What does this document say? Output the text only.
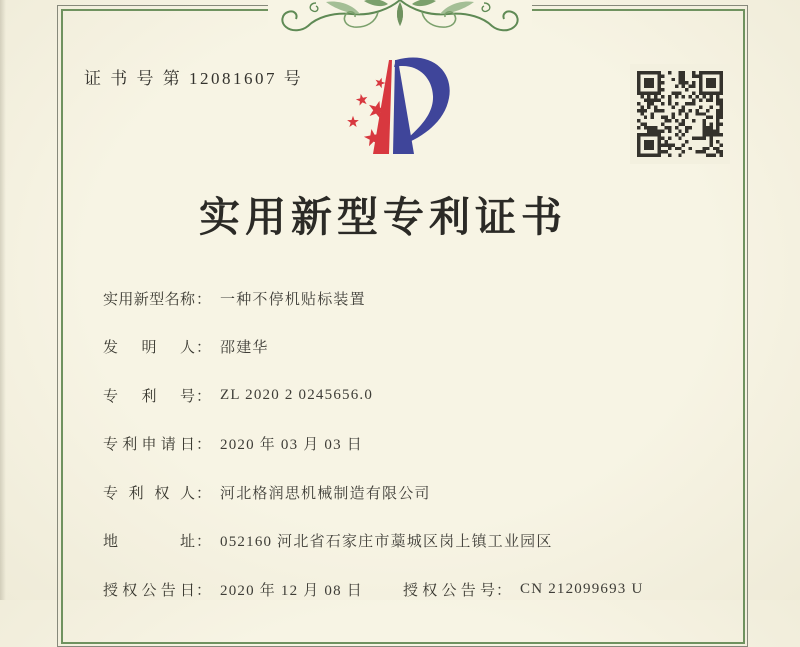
证 书 号 第 12081607 号
实用新型专利证书
实用新型名称 ： 一种不停机贴标装置
发明人 ： 邵建华
专利号 ： ZL 2020 2 0245656.0
专利申请日 ： 2020 年 03 月 03 日
专利权人 ： 河北格润思机械制造有限公司
地址 ： 052160 河北省石家庄市藁城区岗上镇工业园区
授权公告日 ： 2020 年 12 月 08 日	授权公告号 ： CN 212099693 U
